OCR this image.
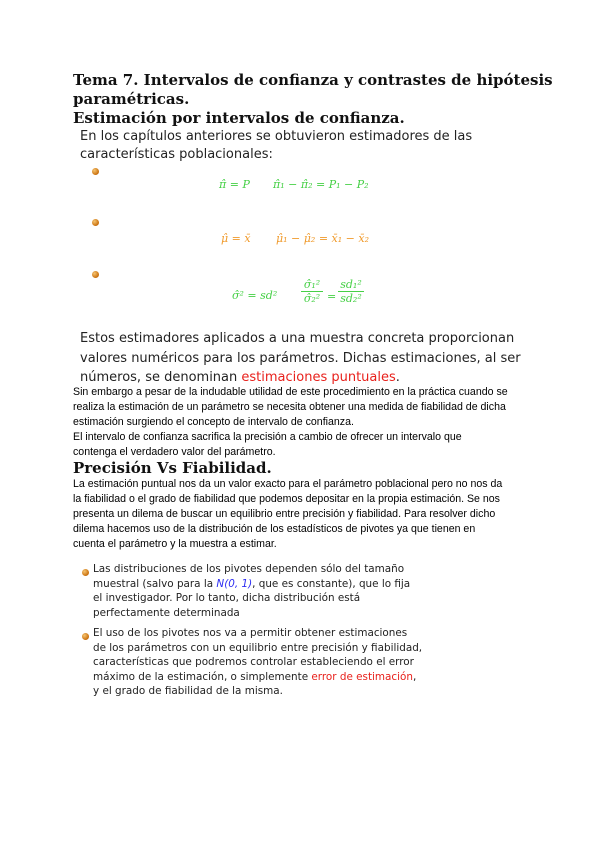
Tema 7. Intervalos de confianza y contrastes de hipótesis
paramétricas.
Estimación por intervalos de confianza.
En los capítulos anteriores se obtuvieron estimadores de las
características poblacionales:
π̂ = P π̂₁ − π̂₂ = P₁ − P₂
μ̂ = x̄ μ̂₁ − μ̂₂ = x̄₁ − x̄₂
σ̂² = $sd^2 \frac{\text{σ̂₁²}}{\text{σ̂₂²}} = \frac{\text{sd₁²}}{\text{sd₂²}}$
Estos estimadores aplicados a una muestra concreta proporcionan
valores numéricos para los parámetros. Dichas estimaciones, al ser
números, se denominan estimaciones puntuales.
Sin embargo a pesar de la indudable utilidad de este procedimiento en la práctica cuando se
realiza la estimación de un parámetro se necesita obtener una medida de fiabilidad de dicha
estimación surgiendo el concepto de intervalo de confianza.
El intervalo de confianza sacrifica la precisión a cambio de ofrecer un intervalo que
contenga el verdadero valor del parámetro.
Precisión Vs Fiabilidad.
La estimación puntual nos da un valor exacto para el parámetro poblacional pero no nos da
la fiabilidad o el grado de fiabilidad que podemos depositar en la propia estimación. Se nos
presenta un dilema de buscar un equilibrio entre precisión y fiabilidad. Para resolver dicho
dilema hacemos uso de la distribución de los estadísticos de pivotes ya que tienen en
cuenta el parámetro y la muestra a estimar.
Las distribuciones de los pivotes dependen sólo del tamaño
muestral (salvo para la N(0, 1), que es constante), que lo fija
el investigador. Por lo tanto, dicha distribución está
perfectamente determinada
El uso de los pivotes nos va a permitir obtener estimaciones
de los parámetros con un equilibrio entre precisión y fiabilidad,
características que podremos controlar estableciendo el error
máximo de la estimación, o simplemente error de estimación,
y el grado de fiabilidad de la misma.
